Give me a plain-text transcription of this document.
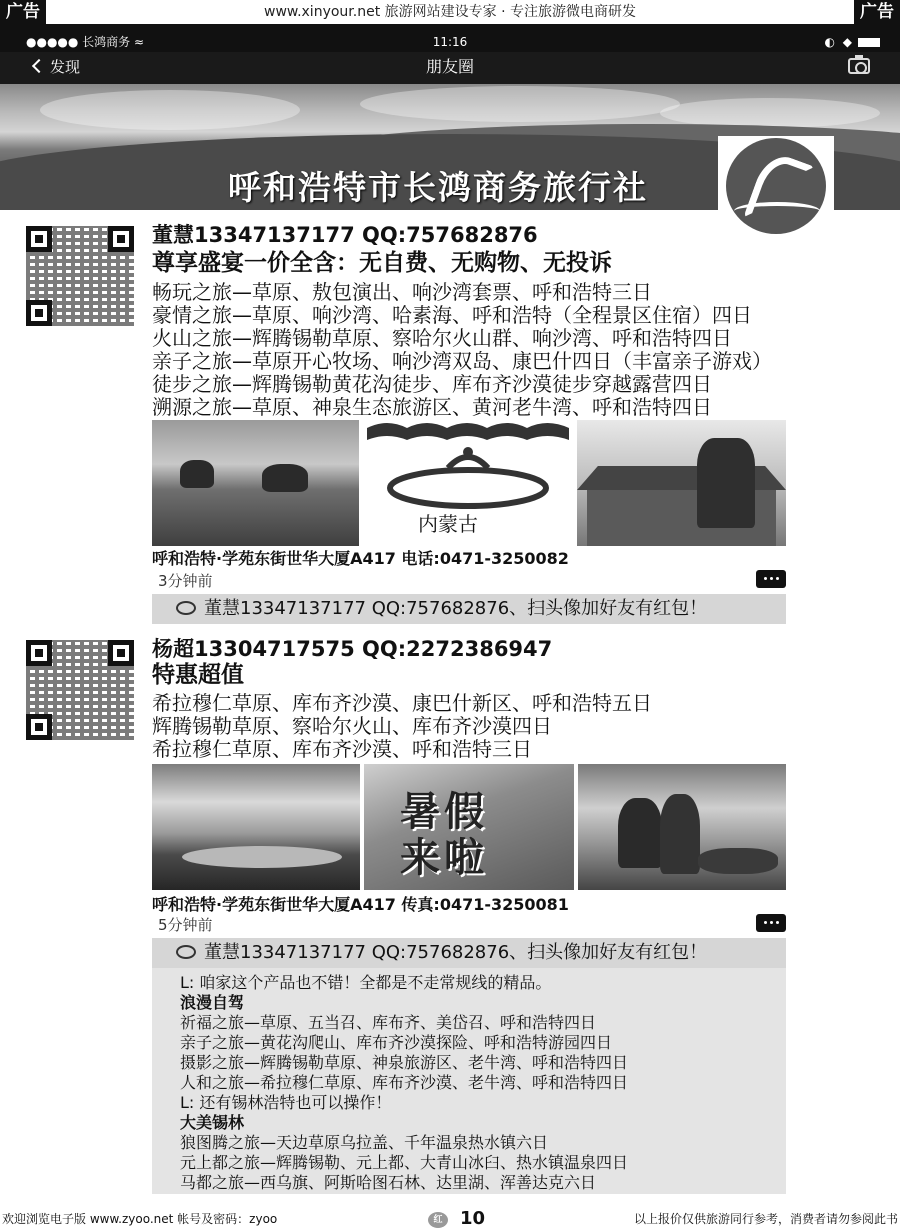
广告	www.xinyour.net 旅游网站建设专家 · 专注旅游微电商研发	广告
●●●●● 长鸿商务 ≈	11:16	◐ ◆
发现	朋友圈
呼和浩特市长鸿商务旅行社
董慧13347137177 QQ:757682876
尊享盛宴一价全含：无自费、无购物、无投诉
畅玩之旅—草原、敖包演出、响沙湾套票、呼和浩特三日
豪情之旅—草原、响沙湾、哈素海、呼和浩特（全程景区住宿）四日
火山之旅—辉腾锡勒草原、察哈尔火山群、响沙湾、呼和浩特四日
亲子之旅—草原开心牧场、响沙湾双岛、康巴什四日（丰富亲子游戏）
徒步之旅—辉腾锡勒黄花沟徒步、库布齐沙漠徒步穿越露营四日
溯源之旅—草原、神泉生态旅游区、黄河老牛湾、呼和浩特四日
内蒙古
呼和浩特·学苑东街世华大厦A417 电话:0471-3250082
3分钟前
董慧13347137177 QQ:757682876、扫头像加好友有红包！
杨超13304717575 QQ:2272386947
特惠超值
希拉穆仁草原、库布齐沙漠、康巴什新区、呼和浩特五日
辉腾锡勒草原、察哈尔火山、库布齐沙漠四日
希拉穆仁草原、库布齐沙漠、呼和浩特三日
暑假
来啦
呼和浩特·学苑东街世华大厦A417 传真:0471-3250081
5分钟前
董慧13347137177 QQ:757682876、扫头像加好友有红包！
L: 咱家这个产品也不错！全都是不走常规线的精品。
浪漫自驾
祈福之旅—草原、五当召、库布齐、美岱召、呼和浩特四日
亲子之旅—黄花沟爬山、库布齐沙漠探险、呼和浩特游园四日
摄影之旅—辉腾锡勒草原、神泉旅游区、老牛湾、呼和浩特四日
人和之旅—希拉穆仁草原、库布齐沙漠、老牛湾、呼和浩特四日
L: 还有锡林浩特也可以操作！
大美锡林
狼图腾之旅—天边草原乌拉盖、千年温泉热水镇六日
元上都之旅—辉腾锡勒、元上都、大青山冰臼、热水镇温泉四日
马都之旅—西乌旗、阿斯哈图石林、达里湖、浑善达克六日
欢迎浏览电子版 www.zyoo.net 帐号及密码：zyoo	红 10	以上报价仅供旅游同行参考，消费者请勿参阅此书
